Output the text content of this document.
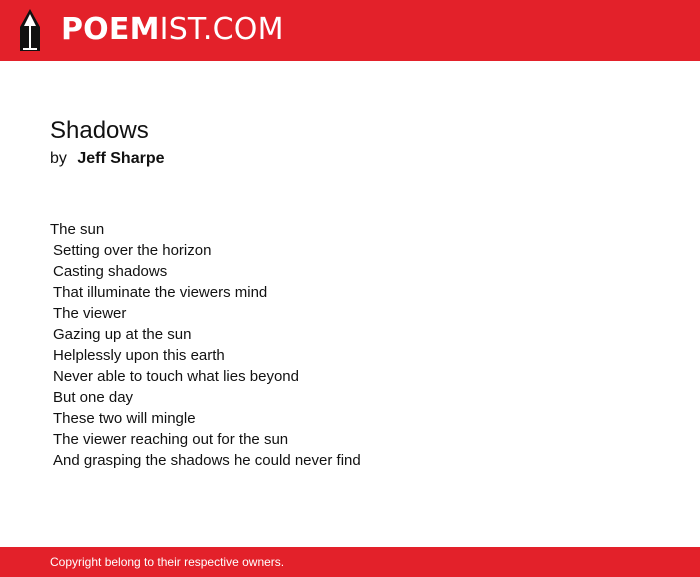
POEMIST.COM
Shadows
by Jeff Sharpe
The sun
Setting over the horizon
Casting shadows
That illuminate the viewers mind
The viewer
Gazing up at the sun
Helplessly upon this earth
Never able to touch what lies beyond
But one day
These two will mingle
The viewer reaching out for the sun
And grasping the shadows he could never find
Copyright belong to their respective owners.
